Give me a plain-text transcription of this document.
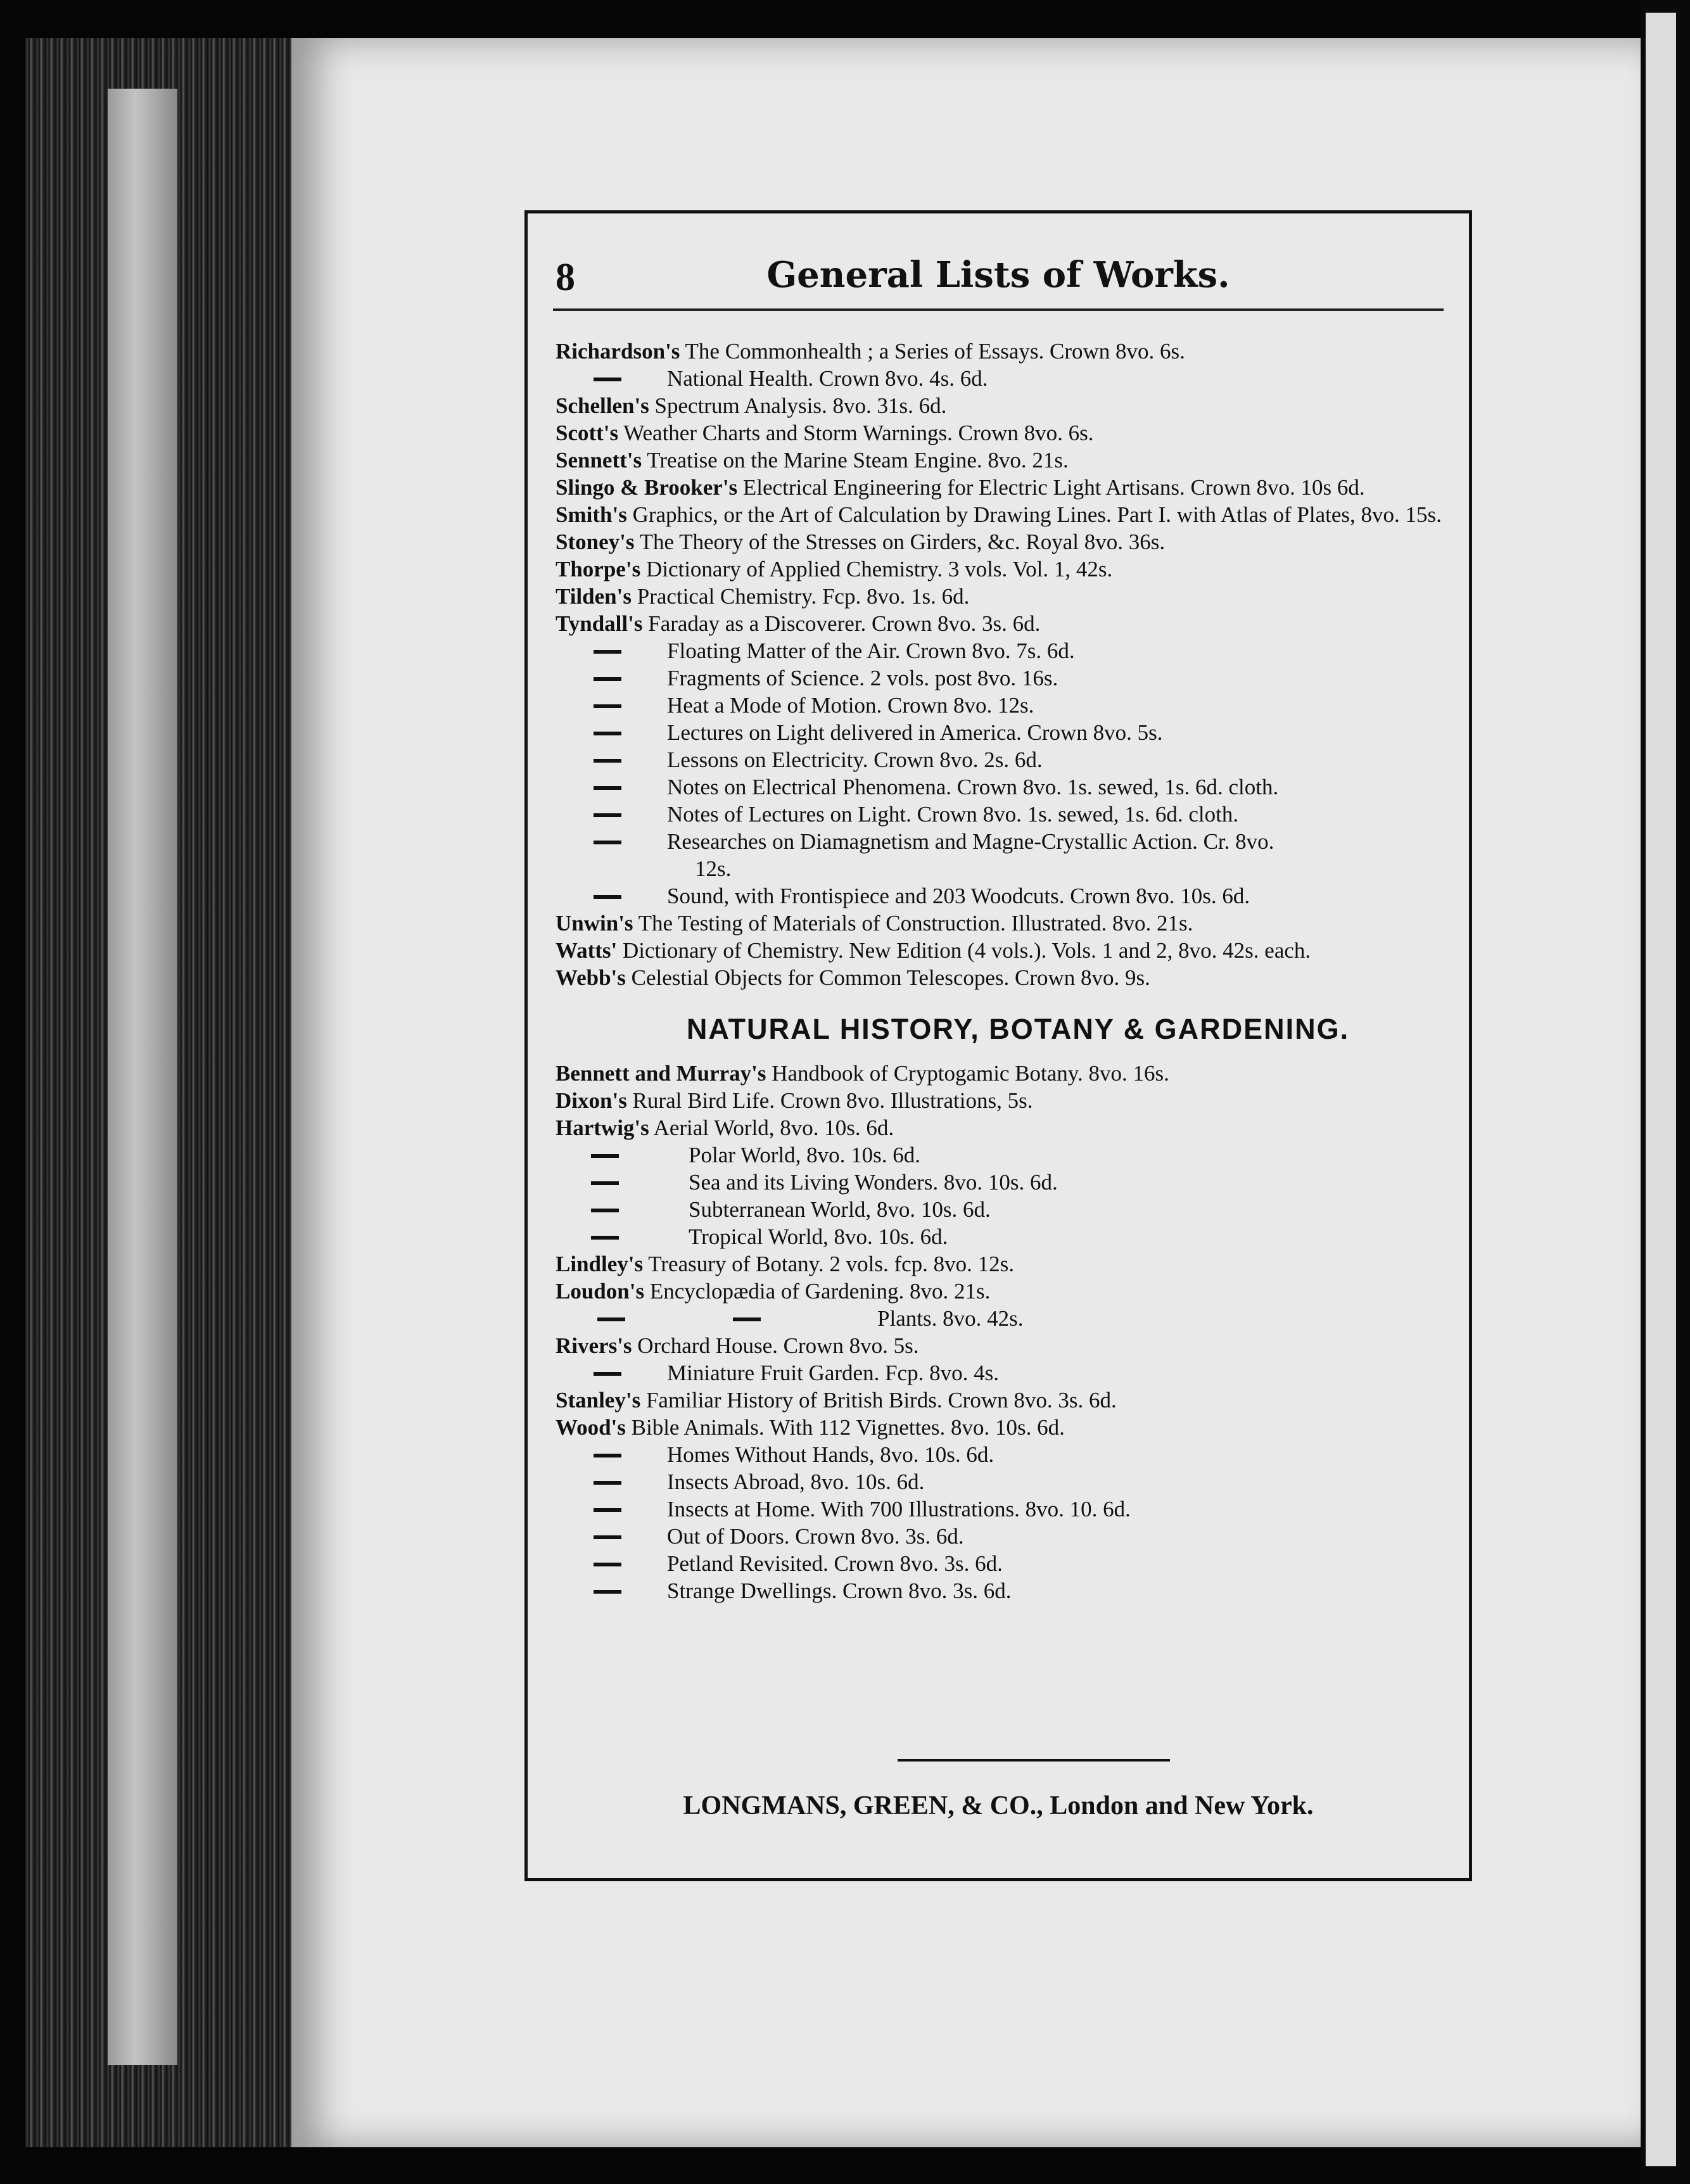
8	General Lists of Works.
Richardson's The Commonhealth ; a Series of Essays. Crown 8vo. 6s.
National Health. Crown 8vo. 4s. 6d.
Schellen's Spectrum Analysis. 8vo. 31s. 6d.
Scott's Weather Charts and Storm Warnings. Crown 8vo. 6s.
Sennett's Treatise on the Marine Steam Engine. 8vo. 21s.
Slingo & Brooker's Electrical Engineering for Electric Light Artisans. Crown 8vo. 10s 6d.
Smith's Graphics, or the Art of Calculation by Drawing Lines. Part I. with Atlas of Plates, 8vo. 15s.
Stoney's The Theory of the Stresses on Girders, &c. Royal 8vo. 36s.
Thorpe's Dictionary of Applied Chemistry. 3 vols. Vol. 1, 42s.
Tilden's Practical Chemistry. Fcp. 8vo. 1s. 6d.
Tyndall's Faraday as a Discoverer. Crown 8vo. 3s. 6d.
Floating Matter of the Air. Crown 8vo. 7s. 6d.
Fragments of Science. 2 vols. post 8vo. 16s.
Heat a Mode of Motion. Crown 8vo. 12s.
Lectures on Light delivered in America. Crown 8vo. 5s.
Lessons on Electricity. Crown 8vo. 2s. 6d.
Notes on Electrical Phenomena. Crown 8vo. 1s. sewed, 1s. 6d. cloth.
Notes of Lectures on Light. Crown 8vo. 1s. sewed, 1s. 6d. cloth.
Researches on Diamagnetism and Magne-Crystallic Action. Cr. 8vo.
12s.
Sound, with Frontispiece and 203 Woodcuts. Crown 8vo. 10s. 6d.
Unwin's The Testing of Materials of Construction. Illustrated. 8vo. 21s.
Watts' Dictionary of Chemistry. New Edition (4 vols.). Vols. 1 and 2, 8vo. 42s. each.
Webb's Celestial Objects for Common Telescopes. Crown 8vo. 9s.
NATURAL HISTORY, BOTANY & GARDENING.
Bennett and Murray's Handbook of Cryptogamic Botany. 8vo. 16s.
Dixon's Rural Bird Life. Crown 8vo. Illustrations, 5s.
Hartwig's Aerial World, 8vo. 10s. 6d.
Polar World, 8vo. 10s. 6d.
Sea and its Living Wonders. 8vo. 10s. 6d.
Subterranean World, 8vo. 10s. 6d.
Tropical World, 8vo. 10s. 6d.
Lindley's Treasury of Botany. 2 vols. fcp. 8vo. 12s.
Loudon's Encyclopædia of Gardening. 8vo. 21s.
Plants. 8vo. 42s.
Rivers's Orchard House. Crown 8vo. 5s.
Miniature Fruit Garden. Fcp. 8vo. 4s.
Stanley's Familiar History of British Birds. Crown 8vo. 3s. 6d.
Wood's Bible Animals. With 112 Vignettes. 8vo. 10s. 6d.
Homes Without Hands, 8vo. 10s. 6d.
Insects Abroad, 8vo. 10s. 6d.
Insects at Home. With 700 Illustrations. 8vo. 10. 6d.
Out of Doors. Crown 8vo. 3s. 6d.
Petland Revisited. Crown 8vo. 3s. 6d.
Strange Dwellings. Crown 8vo. 3s. 6d.
LONGMANS, GREEN, & CO., London and New York.
